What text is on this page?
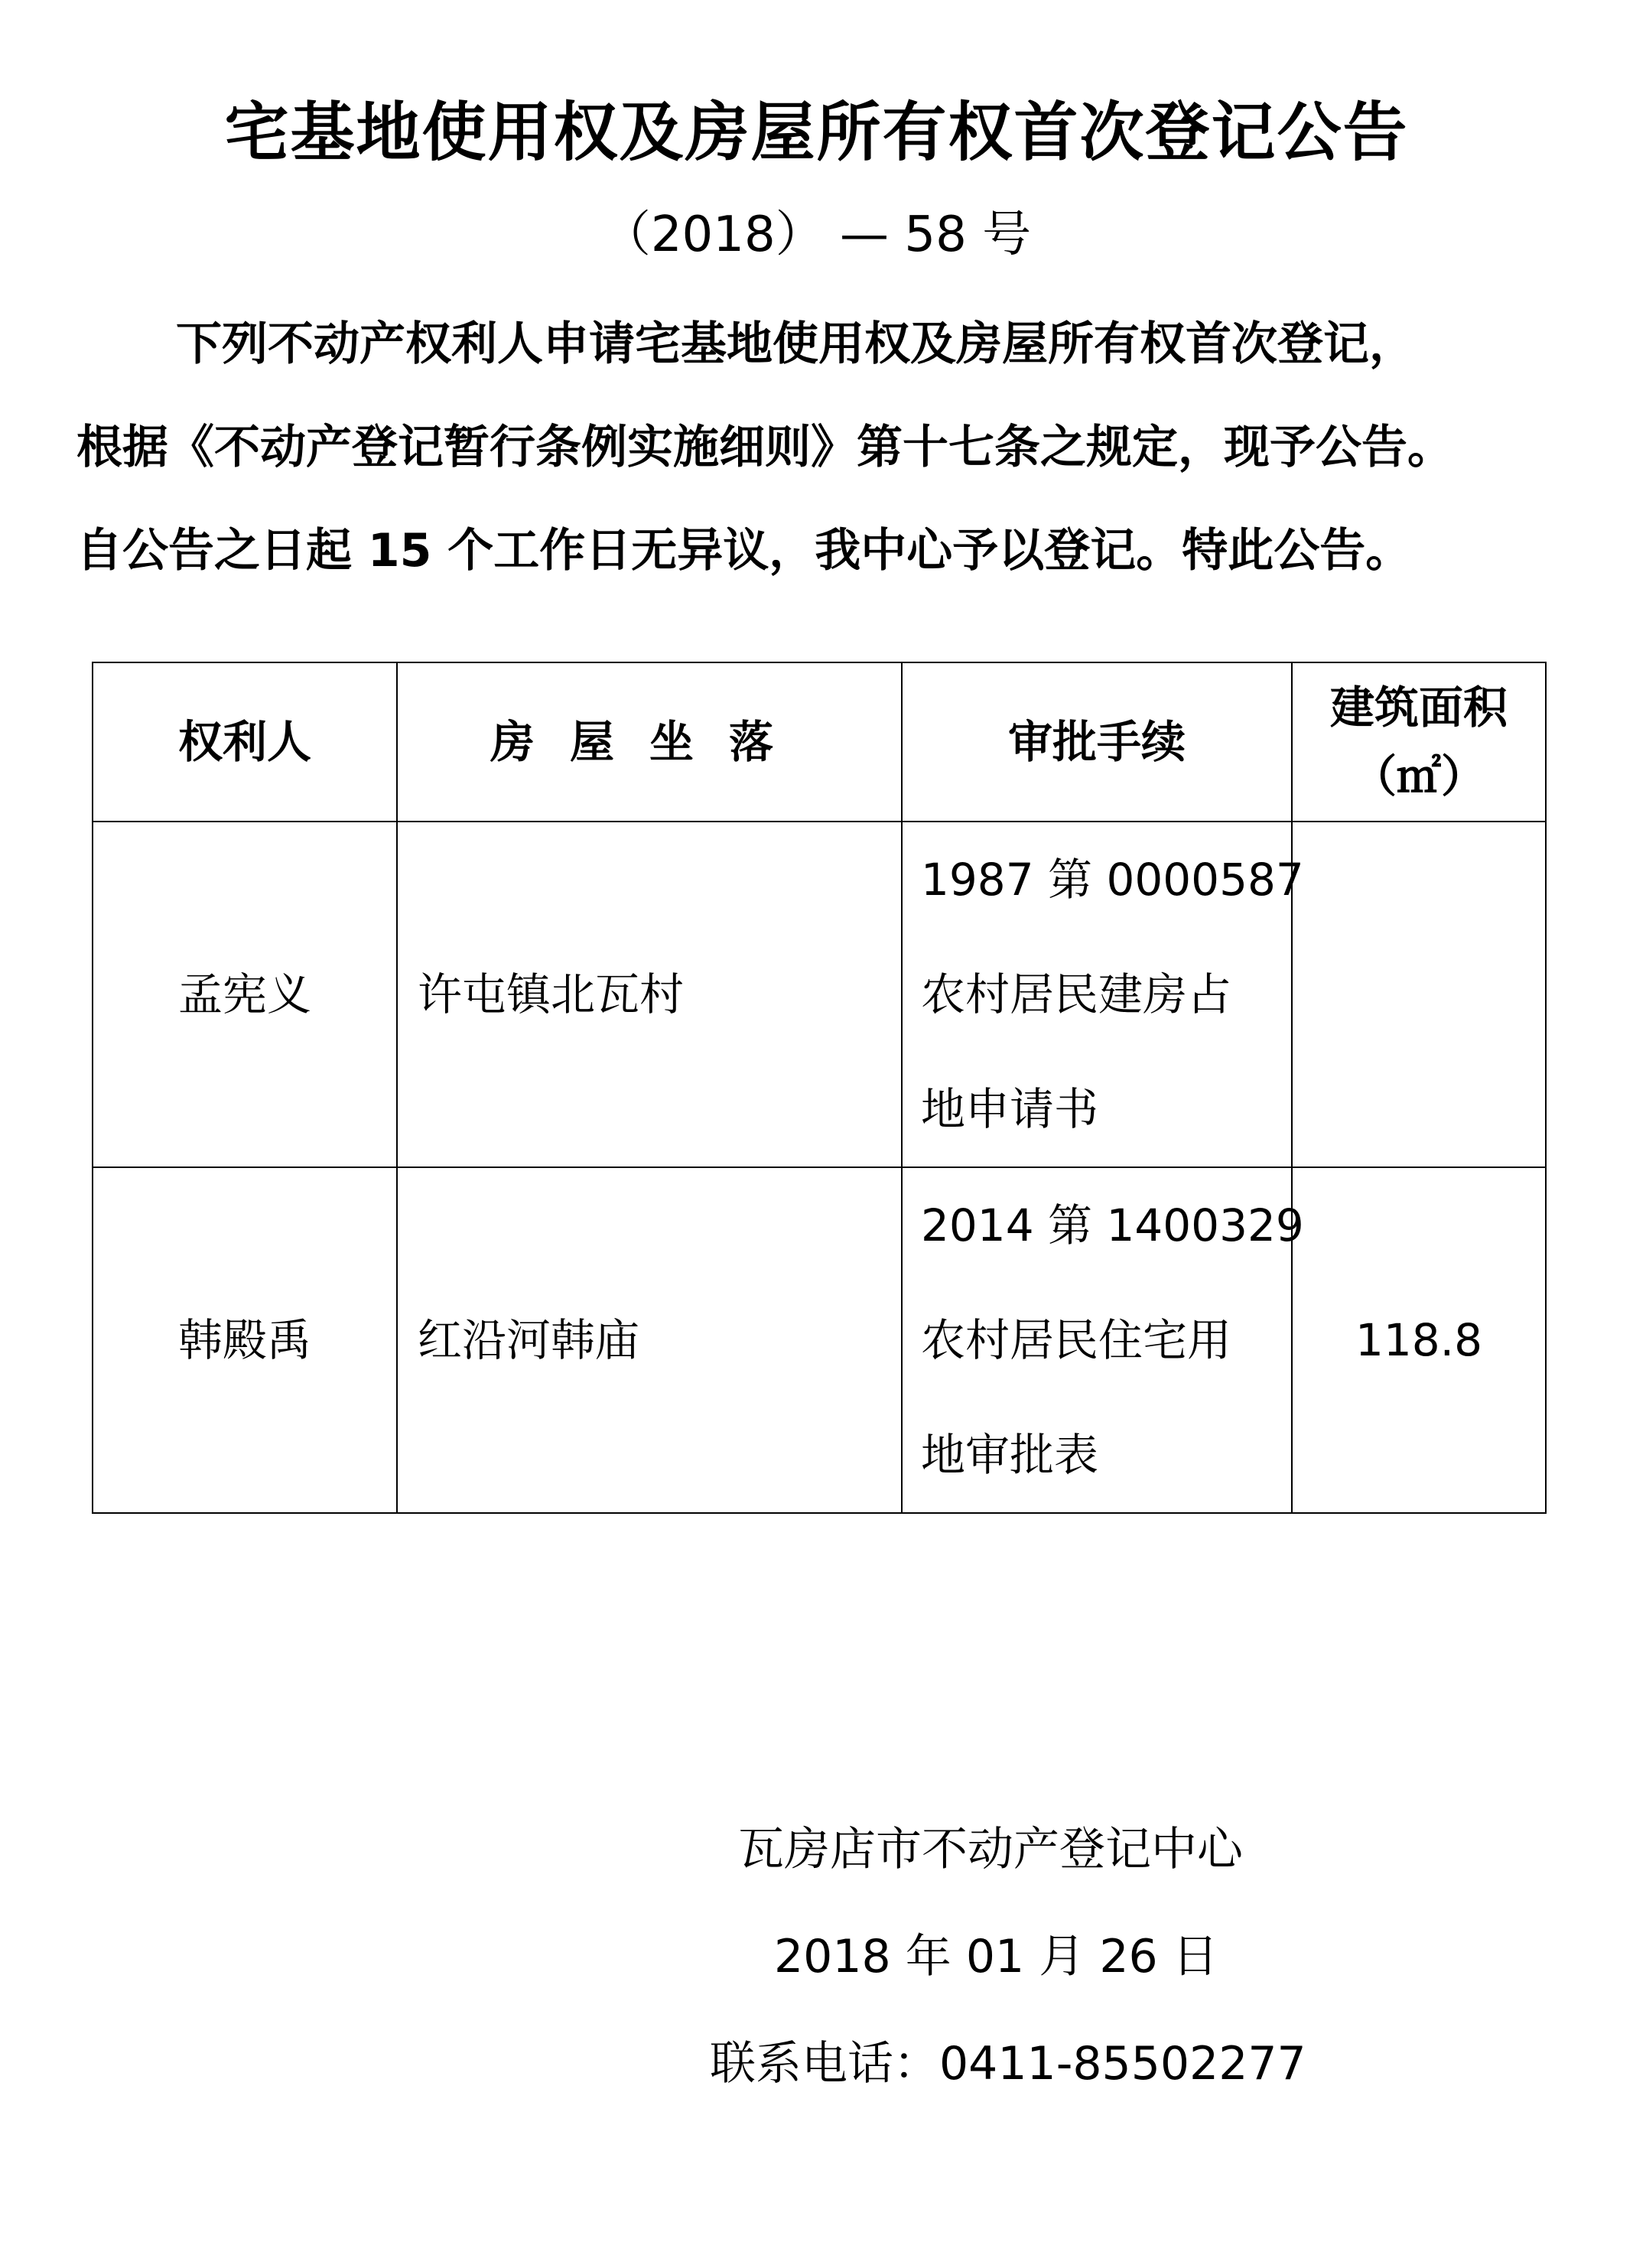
宅基地使用权及房屋所有权首次登记公告

（2018） — 58 号

下列不动产权利人申请宅基地使用权及房屋所有权首次登记，

根据《不动产登记暂行条例实施细则》第十七条之规定，现予公告。

自公告之日起 15 个工作日无异议，我中心予以登记。特此公告。

权利人	房屋坐落	审批手续	建筑面积
（㎡）

孟宪义	许屯镇北瓦村	1987 第 0000587
农村居民建房占
地申请书	

韩殿禹	红沿河韩庙	2014 第 1400329
农村居民住宅用
地审批表	118.8

瓦房店市不动产登记中心

2018 年 01 月 26 日

联系电话：0411-85502277
